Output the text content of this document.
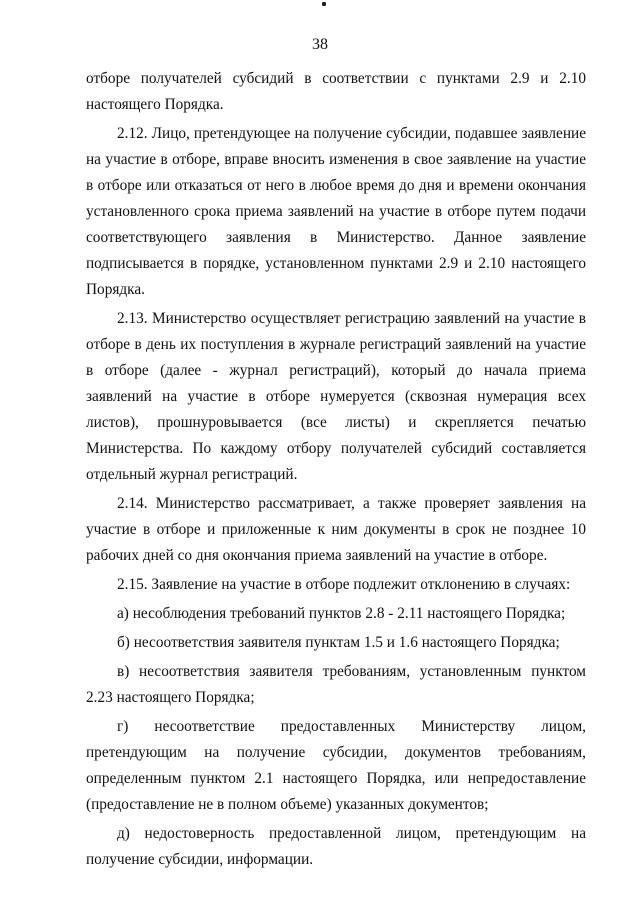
38

отборе получателей субсидий в соответствии с пунктами 2.9 и 2.10 настоящего Порядка.

2.12. Лицо, претендующее на получение субсидии, подавшее заявление на участие в отборе, вправе вносить изменения в свое заявление на участие в отборе или отказаться от него в любое время до дня и времени окончания установленного срока приема заявлений на участие в отборе путем подачи соответствующего заявления в Министерство. Данное заявление подписывается в порядке, установленном пунктами 2.9 и 2.10 настоящего Порядка.

2.13. Министерство осуществляет регистрацию заявлений на участие в отборе в день их поступления в журнале регистраций заявлений на участие в отборе (далее - журнал регистраций), который до начала приема заявлений на участие в отборе нумеруется (сквозная нумерация всех листов), прошнуровывается (все листы) и скрепляется печатью Министерства. По каждому отбору получателей субсидий составляется отдельный журнал регистраций.

2.14. Министерство рассматривает, а также проверяет заявления на участие в отборе и приложенные к ним документы в срок не позднее 10 рабочих дней со дня окончания приема заявлений на участие в отборе.

2.15. Заявление на участие в отборе подлежит отклонению в случаях:

а) несоблюдения требований пунктов 2.8 - 2.11 настоящего Порядка;

б) несоответствия заявителя пунктам 1.5 и 1.6 настоящего Порядка;

в) несоответствия заявителя требованиям, установленным пунктом 2.23 настоящего Порядка;

г) несоответствие предоставленных Министерству лицом, претендующим на получение субсидии, документов требованиям, определенным пунктом 2.1 настоящего Порядка, или непредоставление (предоставление не в полном объеме) указанных документов;

д) недостоверность предоставленной лицом, претендующим на получение субсидии, информации.
